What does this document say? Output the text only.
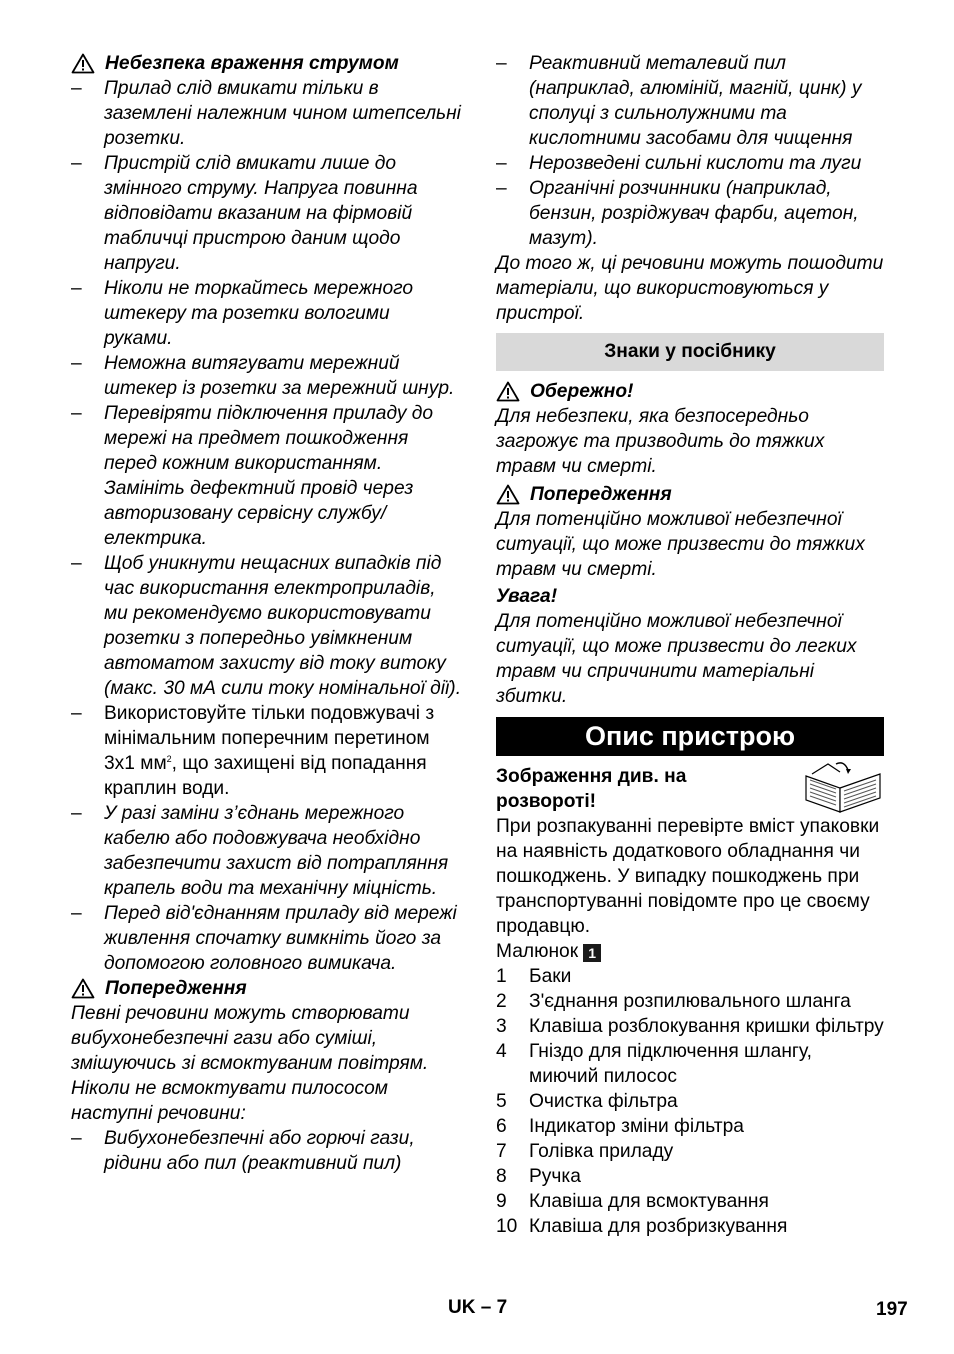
Небезпека враження струмом

– Прилад слід вмикати тільки в заземлені належним чином штепсельні розетки.

– Пристрій слід вмикати лише до змінного струму. Напруга повинна відповідати вказаним на фірмовій табличці пристрою даним щодо напруги.

– Ніколи не торкайтесь мережного штекеру та розетки вологими руками.

– Неможна витягувати мережний штекер із розетки за мережний шнур.

– Перевіряти підключення приладу до мережі на предмет пошкодження перед кожним використанням. Замініть дефектний провід через авторизовану сервісну службу/ електрика.

– Щоб уникнути нещасних випадків під час використання електроприладів, ми рекомендуємо використовувати розетки з попередньо увімкненим автоматом захисту від току витоку (макс. 30 мА сили току номінальної дії).

– Використовуйте тільки подовжувачі з мінімальним поперечним перетином 3x1 $мм^2$, що захищені від попадання краплин води.

– У разі заміни з’єднань мережного кабелю або подовжувача необхідно забезпечити захист від потрапляння крапель води та механічну міцність.

– Перед від'єднанням приладу від мережі живлення спочатку вимкніть його за допомогою головного вимикача.

Попередження

Певні речовини можуть створювати вибухонебезпечні гази або суміші, змішуючись зі всмоктуваним повітрям. Ніколи не всмоктувати пилососом наступні речовини:

– Вибухонебезпечні або горючі гази, рідини або пил (реактивний пил)

– Реактивний металевий пил (наприклад, алюміній, магній, цинк) у сполуці з сильнолужними та кислотними засобами для чищення

– Нерозведені сильні кислоти та луги

– Органічні розчинники (наприклад, бензин, розріджувач фарби, ацетон, мазут).

До того ж, ці речовини можуть пошодити матеріали, що використовуються у пристрої.

Знаки у посібнику

Обережно!

Для небезпеки, яка безпосередньо загрожує та призводить до тяжких травм чи смерті.

Попередження

Для потенційно можливої небезпечної ситуації, що може призвести до тяжких травм чи смерті.

Увага!

Для потенційно можливої небезпечної ситуації, що може призвести до легких травм чи спричинити матеріальні збитки.

Опис пристрою

Зображення див. на розвороті!

При розпакуванні перевірте вміст упаковки на наявність додаткового обладнання чи пошкоджень. У випадку пошкоджень при транспортуванні повідомте про це своєму продавцю.

Малюнок 1

1 Баки

2 З'єднання розпилювального шланга

3 Клавіша розблокування кришки фільтру

4 Гніздо для підключення шлангу, миючий пилосос

5 Очистка фільтра

6 Індикатор зміни фільтра

7 Голівка приладу

8 Ручка

9 Клавіша для всмоктування

10 Клавіша для розбризкування

UK – 7	197
